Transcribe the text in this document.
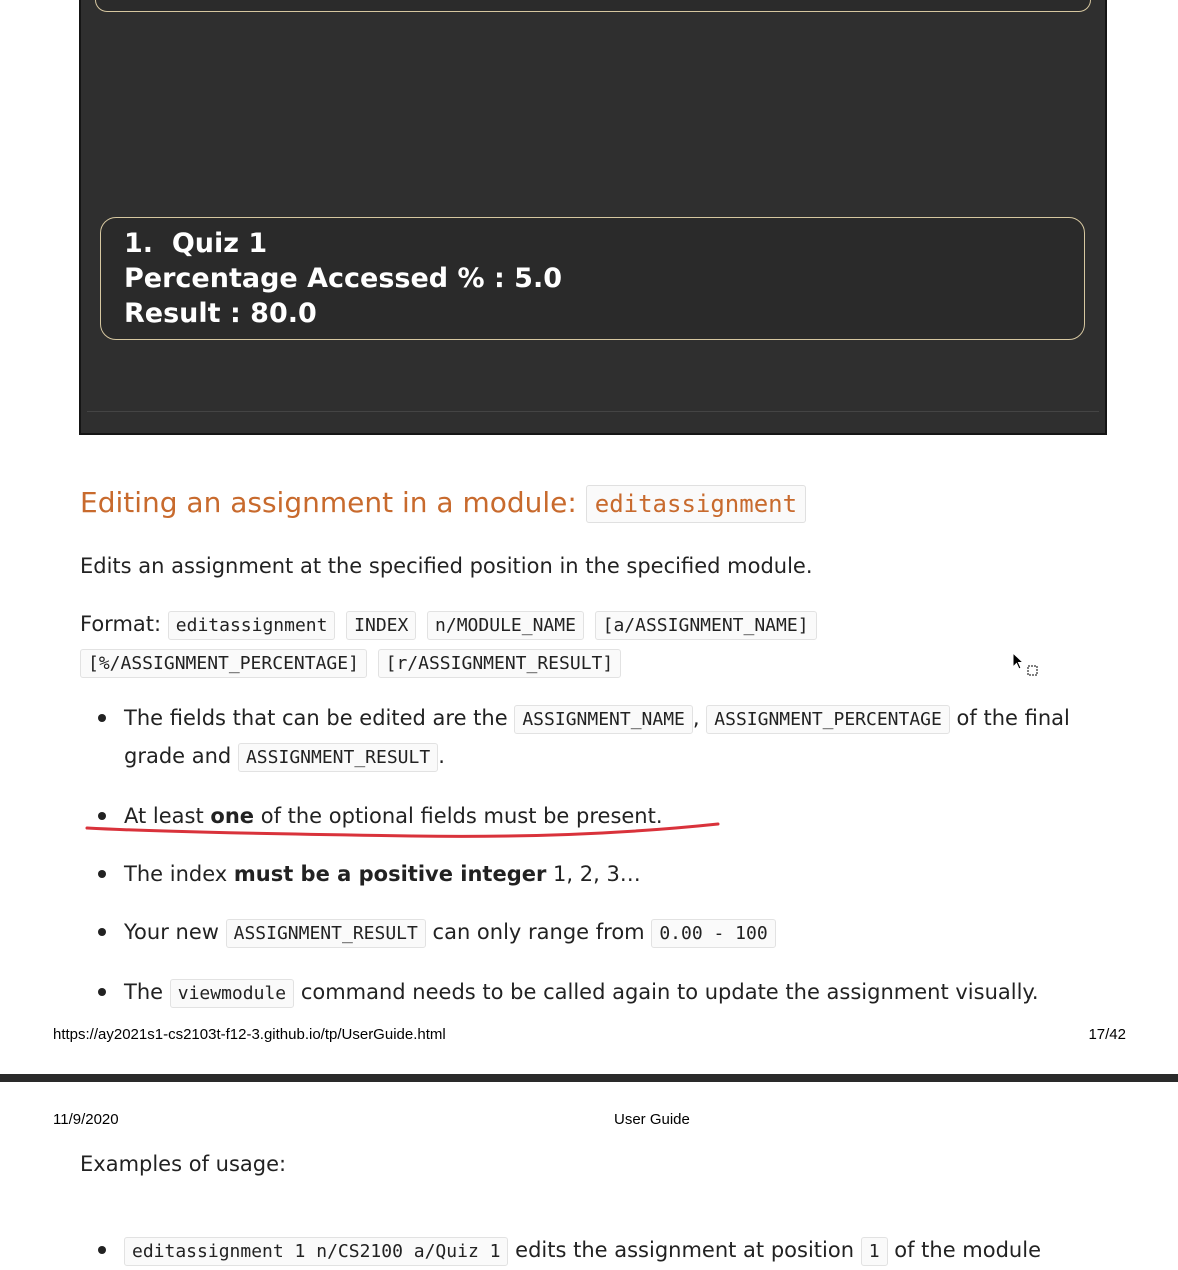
1. Quiz 1
Percentage Accessed % : 5.0
Result : 80.0
Editing an assignment in a module: editassignment

Edits an assignment at the specified position in the specified module.

Format: editassignment INDEX n/MODULE_NAME [a/ASSIGNMENT_NAME]
[%/ASSIGNMENT_PERCENTAGE] [r/ASSIGNMENT_RESULT]

The fields that can be edited are the ASSIGNMENT_NAME , ASSIGNMENT_PERCENTAGE of the final grade and ASSIGNMENT_RESULT .
At least one of the optional fields must be present.
The index must be a positive integer 1, 2, 3…
Your new ASSIGNMENT_RESULT can only range from 0.00 - 100
The viewmodule command needs to be called again to update the assignment visually.
https://ay2021s1-cs2103t-f12-3.github.io/tp/UserGuide.html	17/42
11/9/2020	User Guide

Examples of usage:

editassignment 1 n/CS2100 a/Quiz 1 edits the assignment at position 1 of the module
